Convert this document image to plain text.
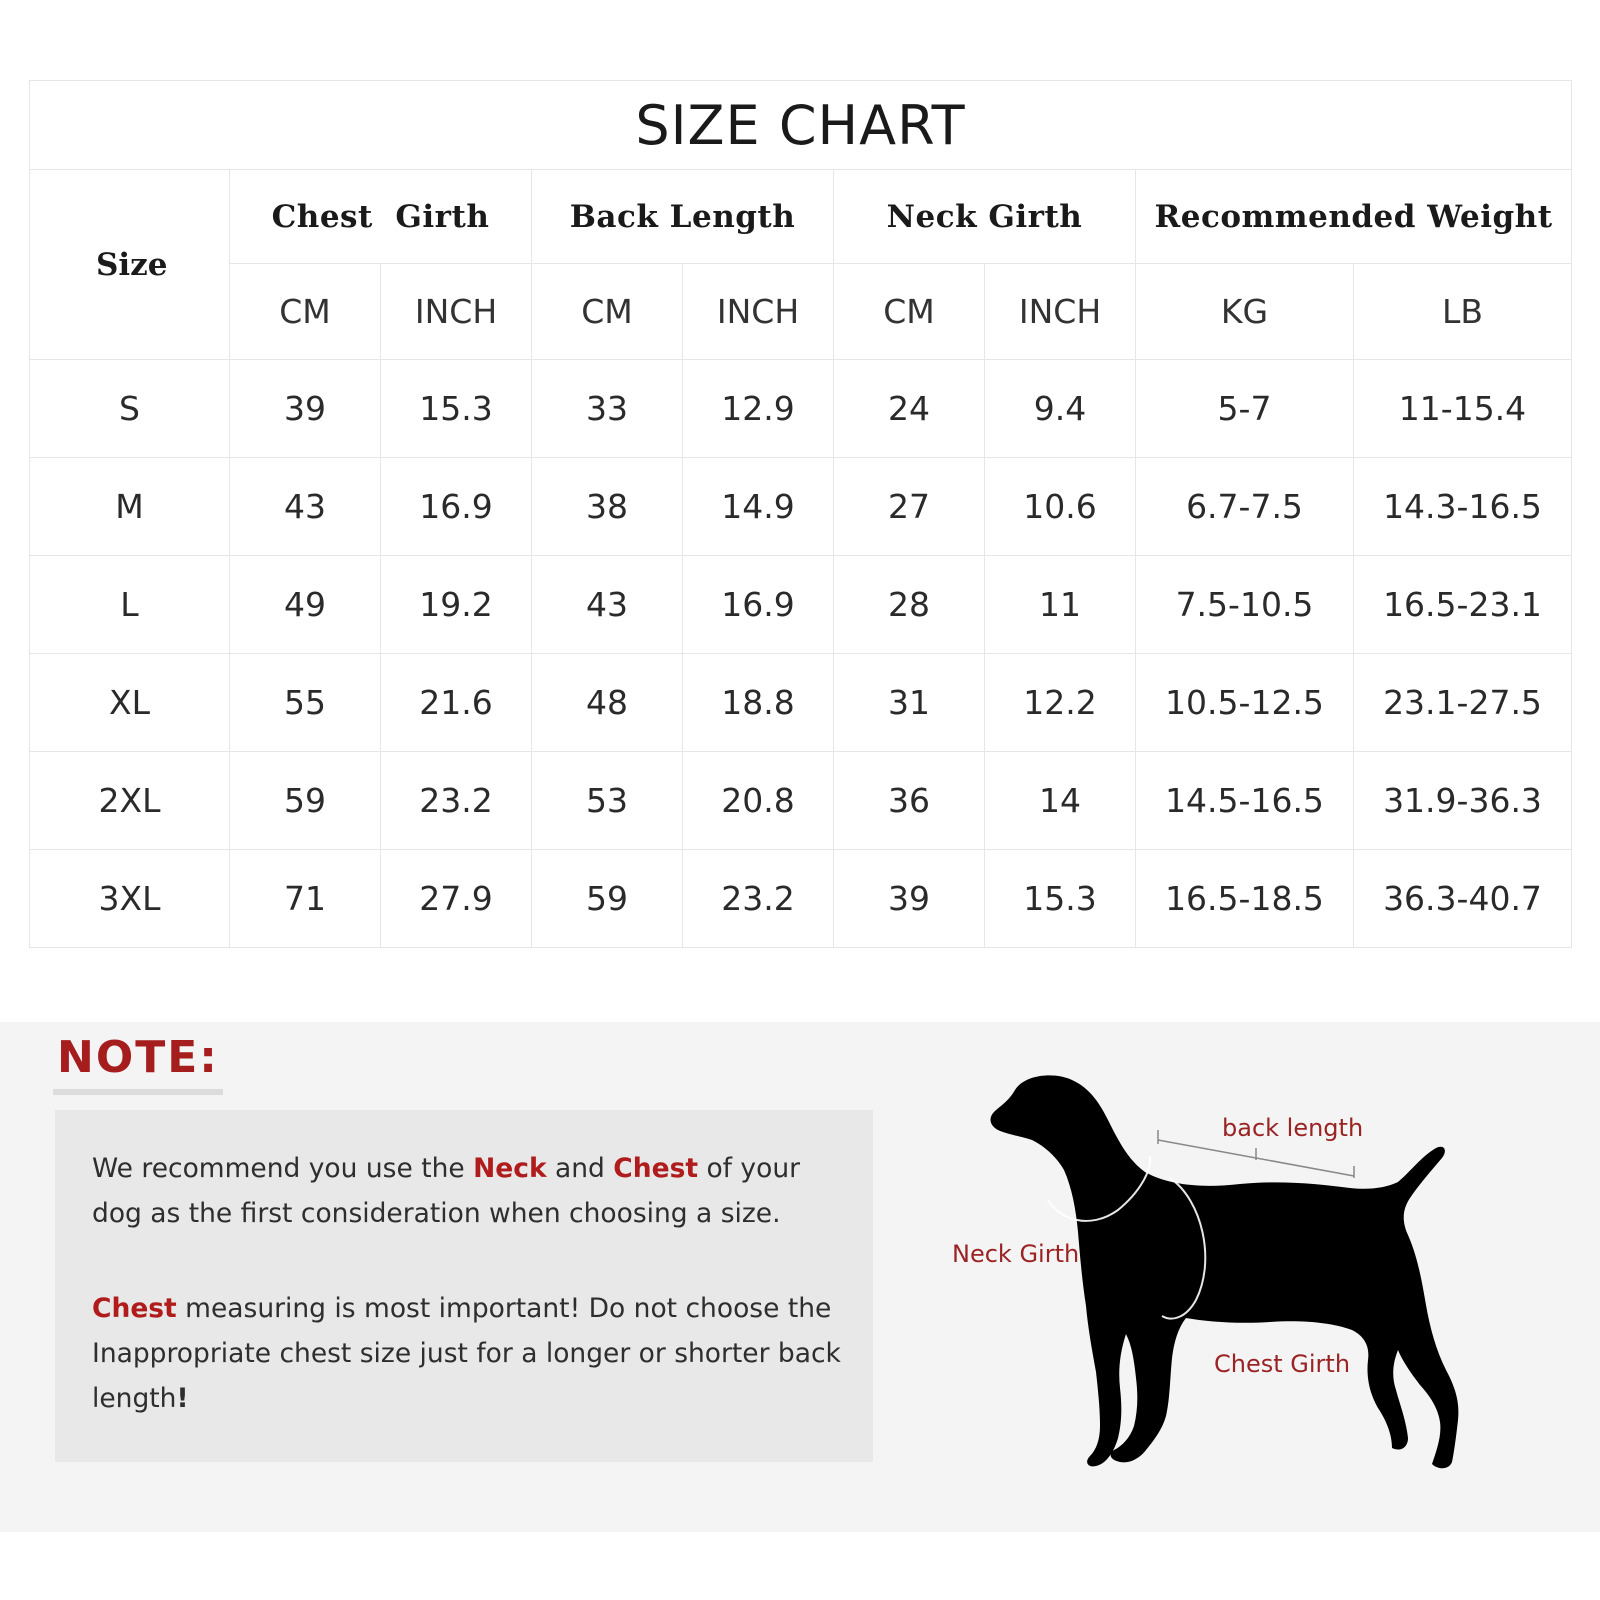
SIZE CHART								
Size	Chest  Girth		Back Length		Neck Girth		Recommended Weight	
	CM	INCH	CM	INCH	CM	INCH	KG	LB
S	39	15.3	33	12.9	24	9.4	5-7	11-15.4
M	43	16.9	38	14.9	27	10.6	6.7-7.5	14.3-16.5
L	49	19.2	43	16.9	28	11	7.5-10.5	16.5-23.1
XL	55	21.6	48	18.8	31	12.2	10.5-12.5	23.1-27.5
2XL	59	23.2	53	20.8	36	14	14.5-16.5	31.9-36.3
3XL	71	27.9	59	23.2	39	15.3	16.5-18.5	36.3-40.7
NOTE:

We recommend you use the Neck and Chest of your dog as the first consideration when choosing a size.

Chest measuring is most important! Do not choose the Inappropriate chest size just for a longer or shorter back length!

back length
Neck Girth
Chest Girth
